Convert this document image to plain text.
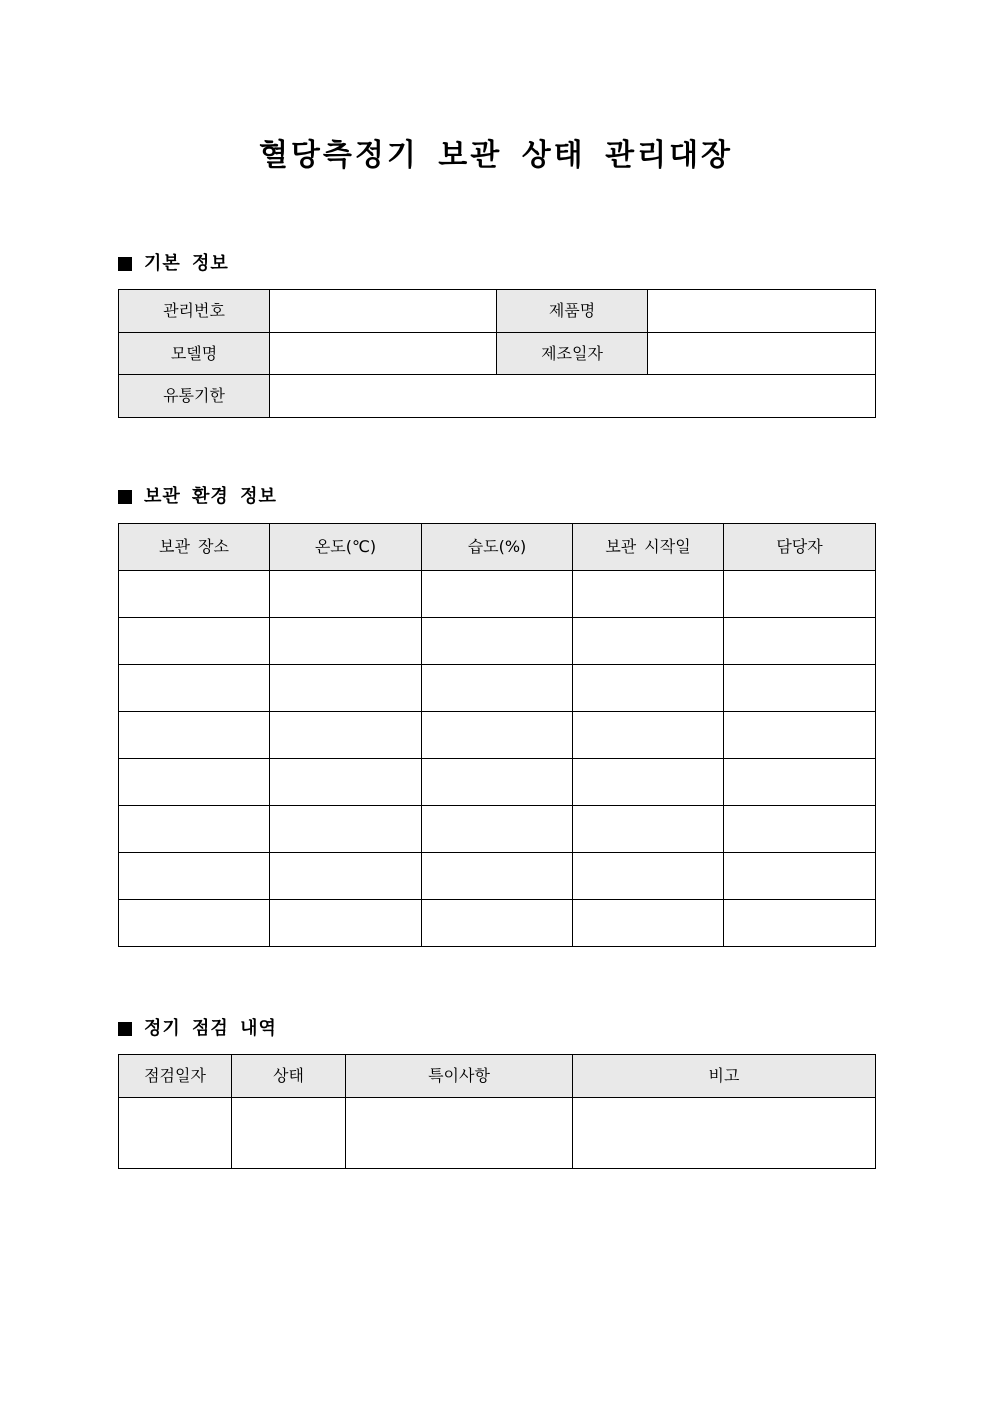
혈당측정기 보관 상태 관리대장
기본 정보
관리번호		제품명	
모델명		제조일자	
유통기한			
보관 환경 정보
보관 장소	온도(℃)	습도(%)	보관 시작일	담당자

정기 점검 내역
점검일자	상태	특이사항	비고
